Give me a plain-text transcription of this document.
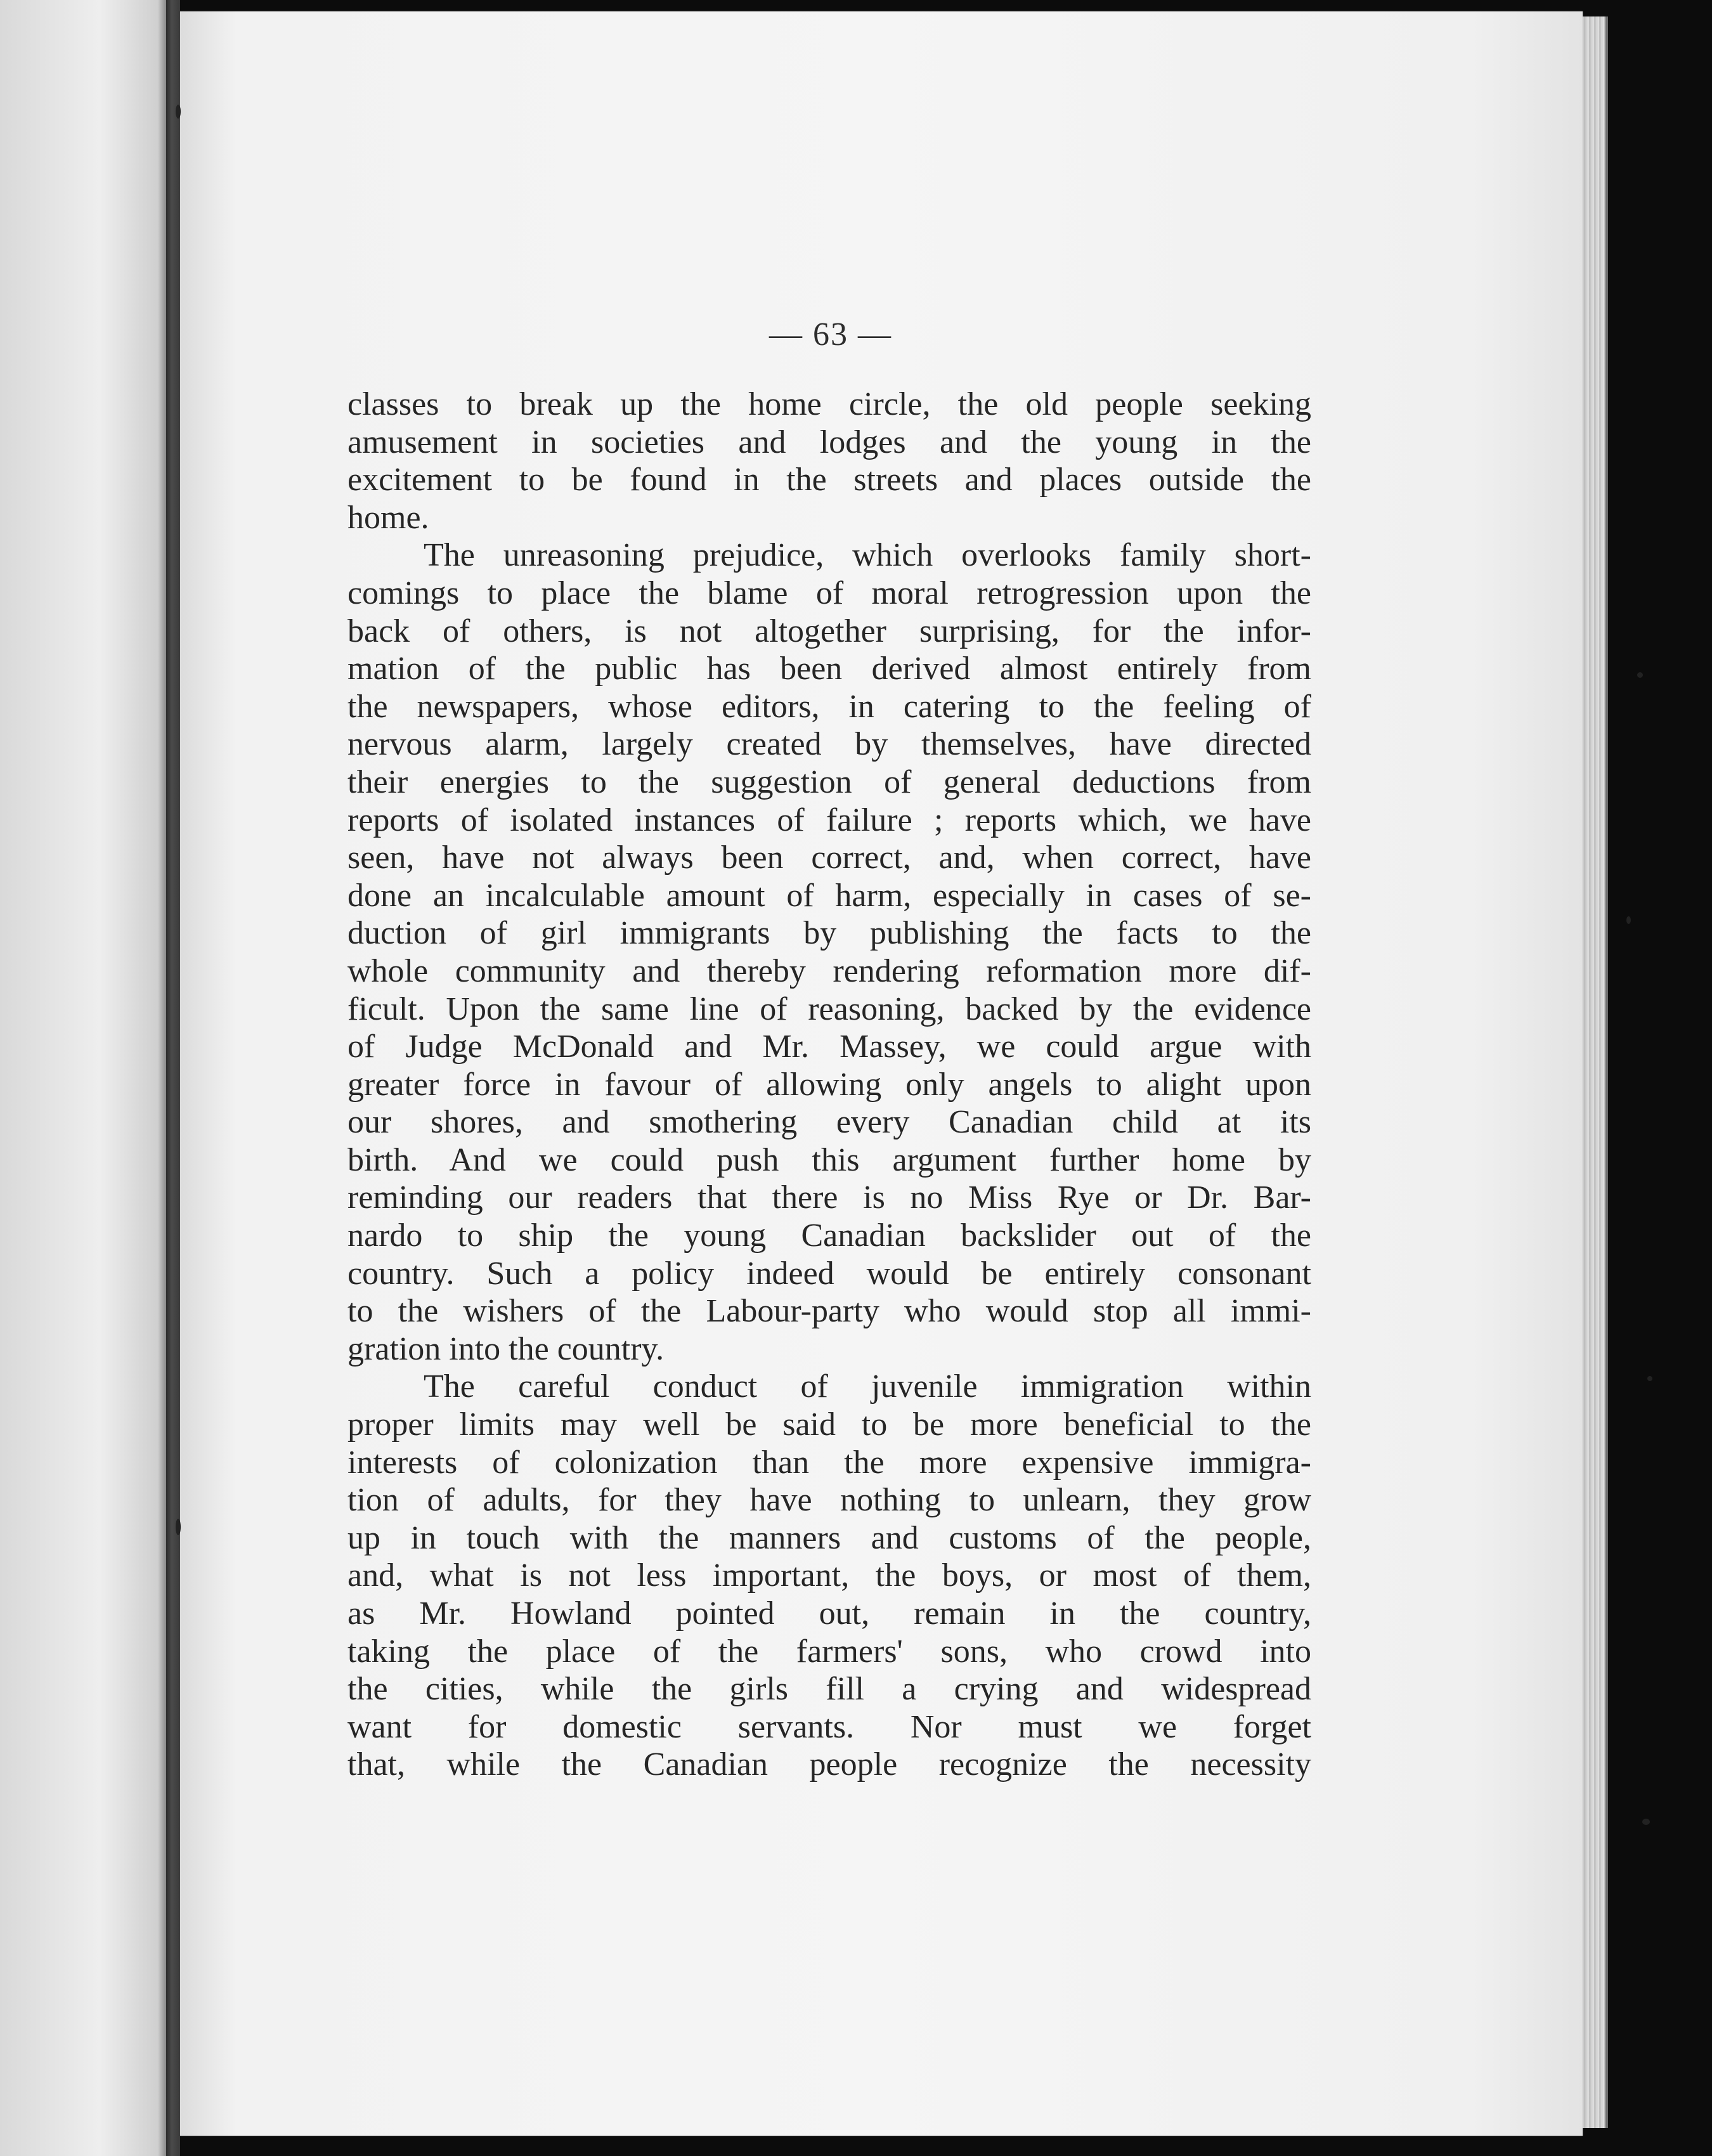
— 63 —
classes to break up the home circle, the old people seeking
amusement in societies and lodges and the young in the
excitement to be found in the streets and places outside the
home.
The unreasoning prejudice, which overlooks family short-
comings to place the blame of moral retrogression upon the
back of others, is not altogether surprising, for the infor-
mation of the public has been derived almost entirely from
the newspapers, whose editors, in catering to the feeling of
nervous alarm, largely created by themselves, have directed
their energies to the suggestion of general deductions from
reports of isolated instances of failure ; reports which, we have
seen, have not always been correct, and, when correct, have
done an incalculable amount of harm, especially in cases of se-
duction of girl immigrants by publishing the facts to the
whole community and thereby rendering reformation more dif-
ficult. Upon the same line of reasoning, backed by the evidence
of Judge McDonald and Mr. Massey, we could argue with
greater force in favour of allowing only angels to alight upon
our shores, and smothering every Canadian child at its
birth. And we could push this argument further home by
reminding our readers that there is no Miss Rye or Dr. Bar-
nardo to ship the young Canadian backslider out of the
country. Such a policy indeed would be entirely consonant
to the wishers of the Labour-party who would stop all immi-
gration into the country.
The careful conduct of juvenile immigration within
proper limits may well be said to be more beneficial to the
interests of colonization than the more expensive immigra-
tion of adults, for they have nothing to unlearn, they grow
up in touch with the manners and customs of the people,
and, what is not less important, the boys, or most of them,
as Mr. Howland pointed out, remain in the country,
taking the place of the farmers' sons, who crowd into
the cities, while the girls fill a crying and widespread
want for domestic servants. Nor must we forget
that, while the Canadian people recognize the necessity
